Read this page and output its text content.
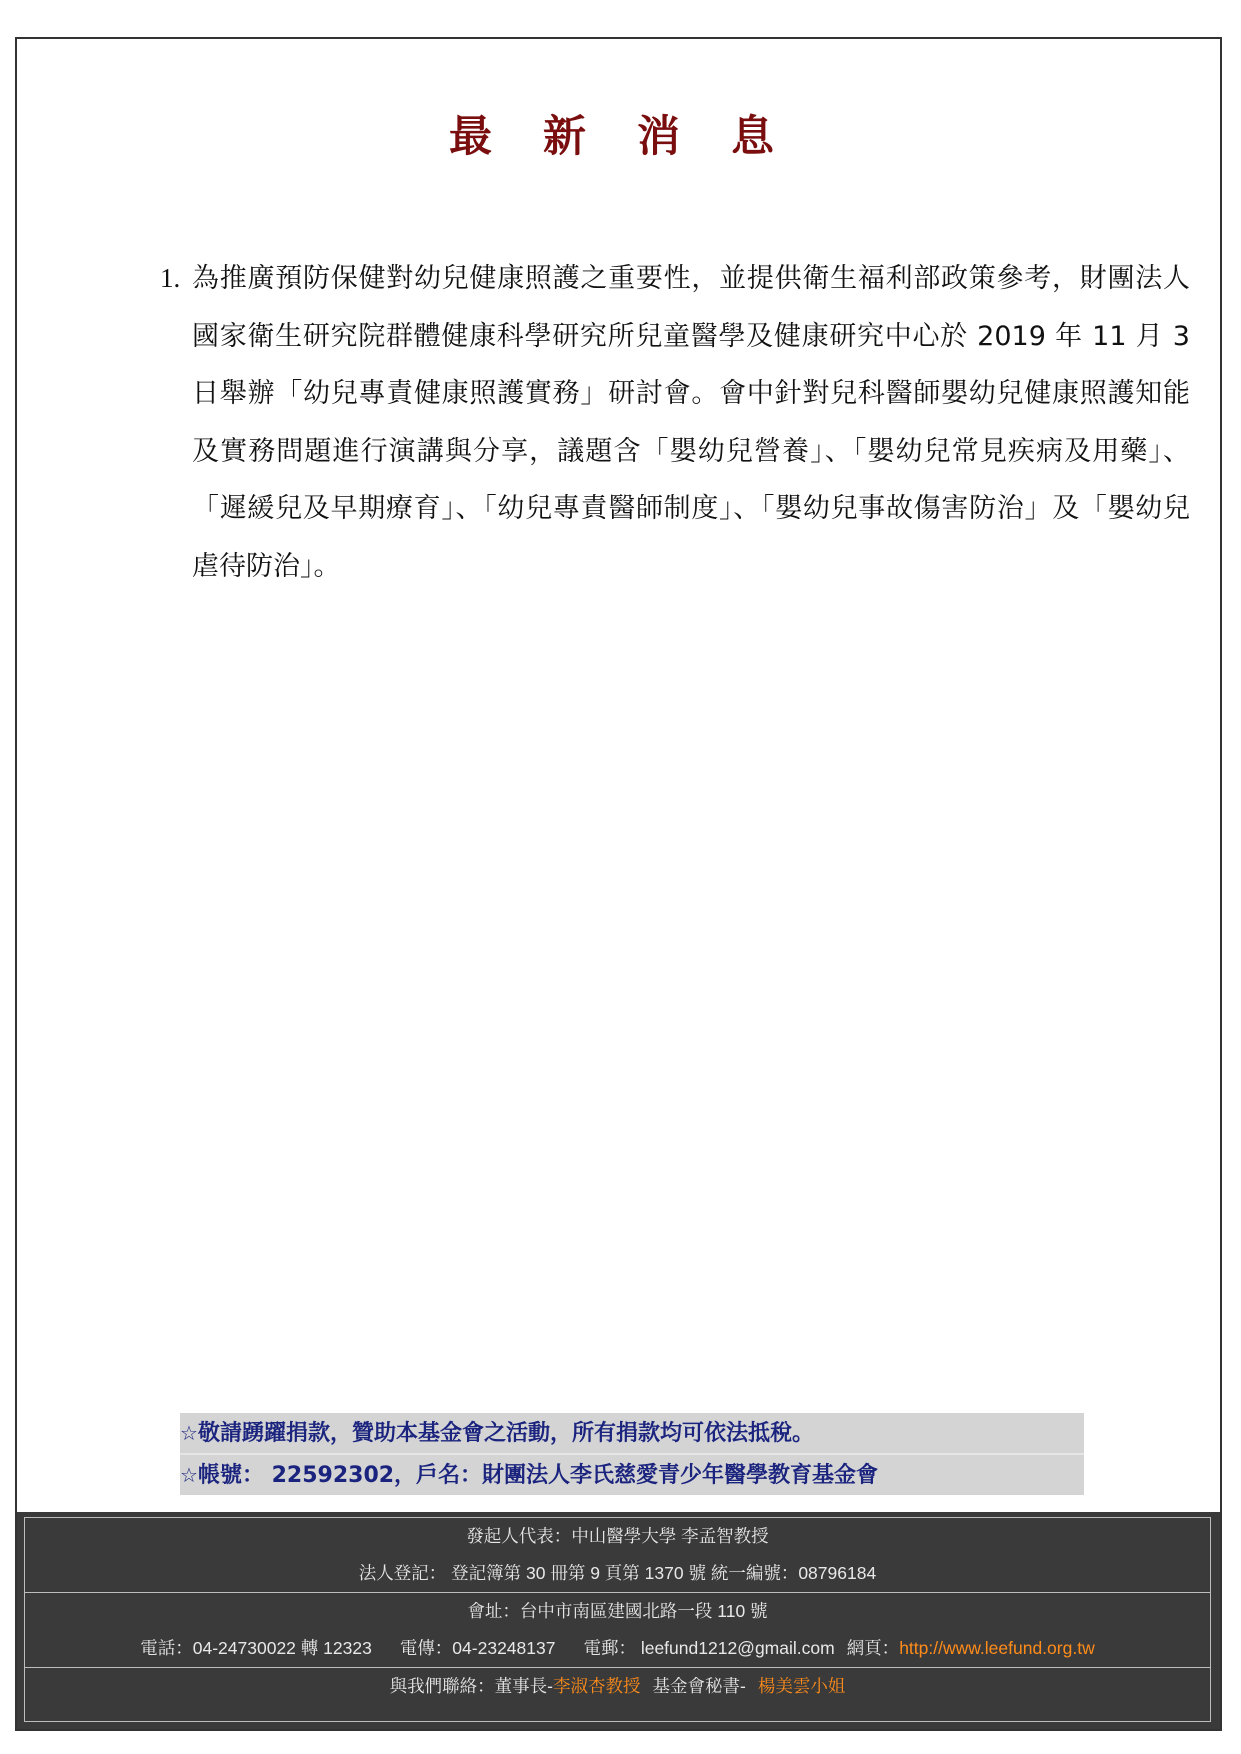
最 新 消 息
1. 為推廣預防保健對幼兒健康照護之重要性，並提供衛生福利部政策參考，財團法人國家衛生研究院群體健康科學研究所兒童醫學及健康研究中心於 2019 年 11 月 3 日舉辦「幼兒專責健康照護實務」研討會。會中針對兒科醫師嬰幼兒健康照護知能及實務問題進行演講與分享，議題含「嬰幼兒營養」、「嬰幼兒常見疾病及用藥」、「遲緩兒及早期療育」、「幼兒專責醫師制度」、「嬰幼兒事故傷害防治」及「嬰幼兒虐待防治」。
☆敬請踴躍捐款，贊助本基金會之活動，所有捐款均可依法抵稅。
☆帳號： 22592302，戶名：財團法人李氏慈愛青少年醫學教育基金會
發起人代表：中山醫學大學 李孟智教授
法人登記： 登記簿第 30 冊第 9 頁第 1370 號 統一編號：08796184
會址：台中市南區建國北路一段 110 號
電話：04-24730022 轉 12323 電傳：04-23248137 電郵： leefund1212@gmail.com 網頁：http://www.leefund.org.tw
與我們聯絡：董事長-李淑杏教授 基金會秘書- 楊美雲小姐
